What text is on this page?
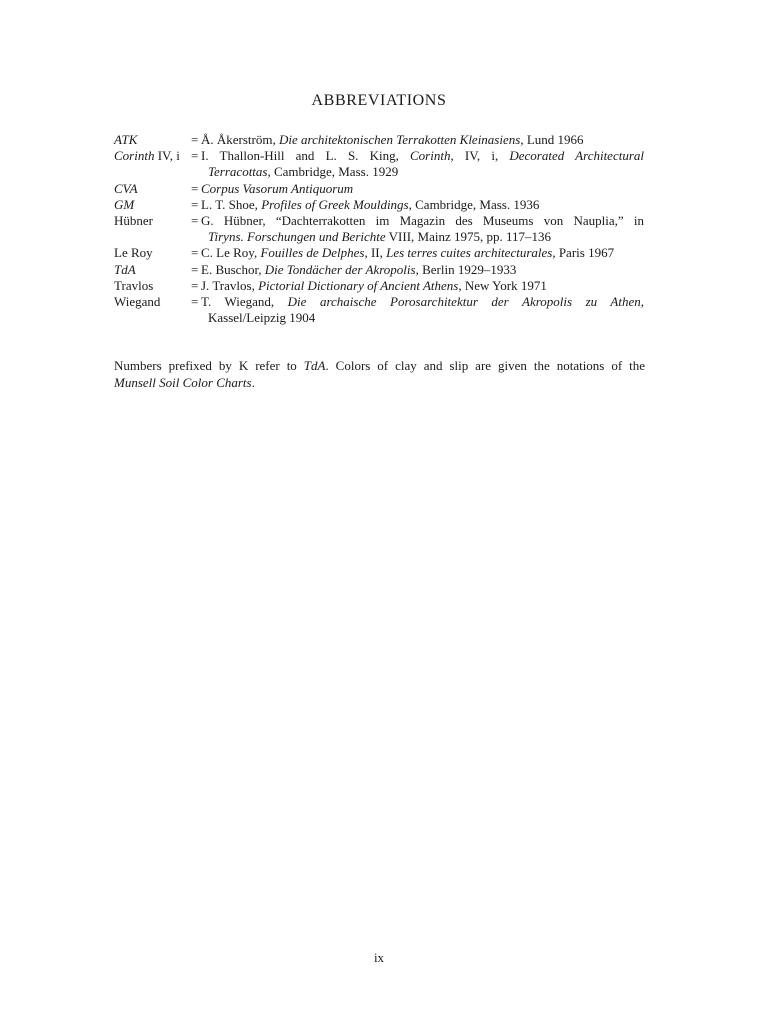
ABBREVIATIONS
ATK	= Å. Åkerström, Die architektonischen Terrakotten Kleinasiens, Lund 1966
Corinth IV, i = I. Thallon-Hill and L. S. King, Corinth, IV, i, Decorated Architectural
Terracottas, Cambridge, Mass. 1929
CVA	= Corpus Vasorum Antiquorum
GM	= L. T. Shoe, Profiles of Greek Mouldings, Cambridge, Mass. 1936
Hübner	= G. Hübner, “Dachterrakotten im Magazin des Museums von Nauplia,” in
Tiryns. Forschungen und Berichte VIII, Mainz 1975, pp. 117–136
Le Roy	= C. Le Roy, Fouilles de Delphes, II, Les terres cuites architecturales, Paris 1967
TdA	= E. Buschor, Die Tondächer der Akropolis, Berlin 1929–1933
Travlos	= J. Travlos, Pictorial Dictionary of Ancient Athens, New York 1971
Wiegand	= T. Wiegand, Die archaische Porosarchitektur der Akropolis zu Athen,
Kassel/Leipzig 1904
Numbers prefixed by K refer to TdA. Colors of clay and slip are given the notations of the
Munsell Soil Color Charts.
ix
